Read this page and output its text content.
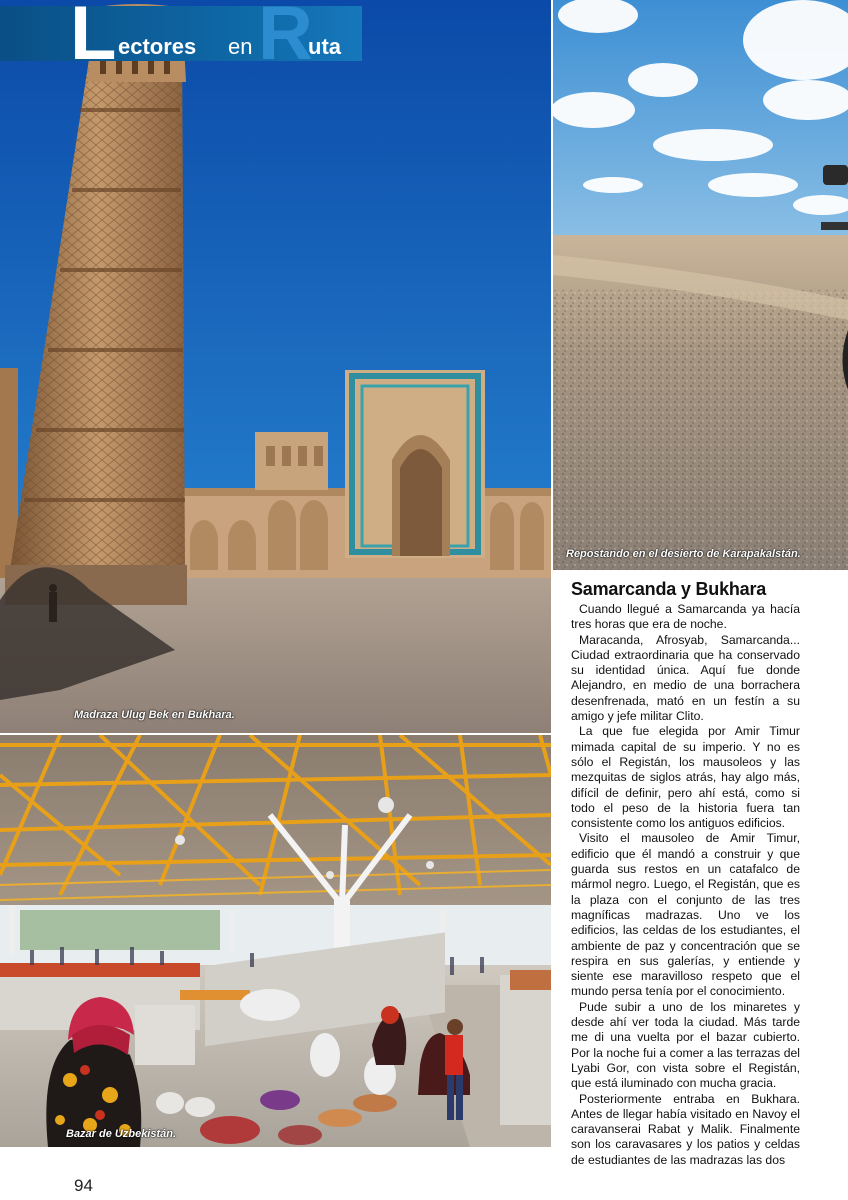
Madraza Ulug Bek en Bukhara.
Repostando en el desierto de Karapakalstán.
Bazar de Uzbekistán.
L ectores en R
uta
Samarcanda y Bukhara

Cuando llegué a Samarcanda ya hacía tres horas que era de noche.

Maracanda, Afrosyab, Samarcanda... Ciudad extraordinaria que ha conservado su identidad única. Aquí fue donde Alejandro, en medio de una borrachera desenfrenada, mató en un festín a su amigo y jefe militar Clito.

La que fue elegida por Amir Timur mimada capital de su imperio. Y no es sólo el Registán, los mausoleos y las mezquitas de siglos atrás, hay algo más, difícil de definir, pero ahí está, como si todo el peso de la historia fuera tan consistente como los antiguos edificios.

Visito el mausoleo de Amir Timur, edificio que él mandó a construir y que guarda sus restos en un catafalco de mármol negro. Luego, el Registán, que es la plaza con el conjunto de las tres magníficas madrazas. Uno ve los edificios, las celdas de los estudiantes, el ambiente de paz y concentración que se respira en sus galerías, y entiende y siente ese maravilloso respeto que el mundo persa tenía por el conocimiento.

Pude subir a uno de los minaretes y desde ahí ver toda la ciudad. Más tarde me di una vuelta por el bazar cubierto. Por la noche fui a comer a las terrazas del Lyabi Gor, con vista sobre el Registán, que está iluminado con mucha gracia.

Posteriormente entraba en Bukhara. Antes de llegar había visitado en Navoy el caravanserai Rabat y Malik. Finalmente son los caravasares y los patios y celdas de estudiantes de las madrazas las dos

94
